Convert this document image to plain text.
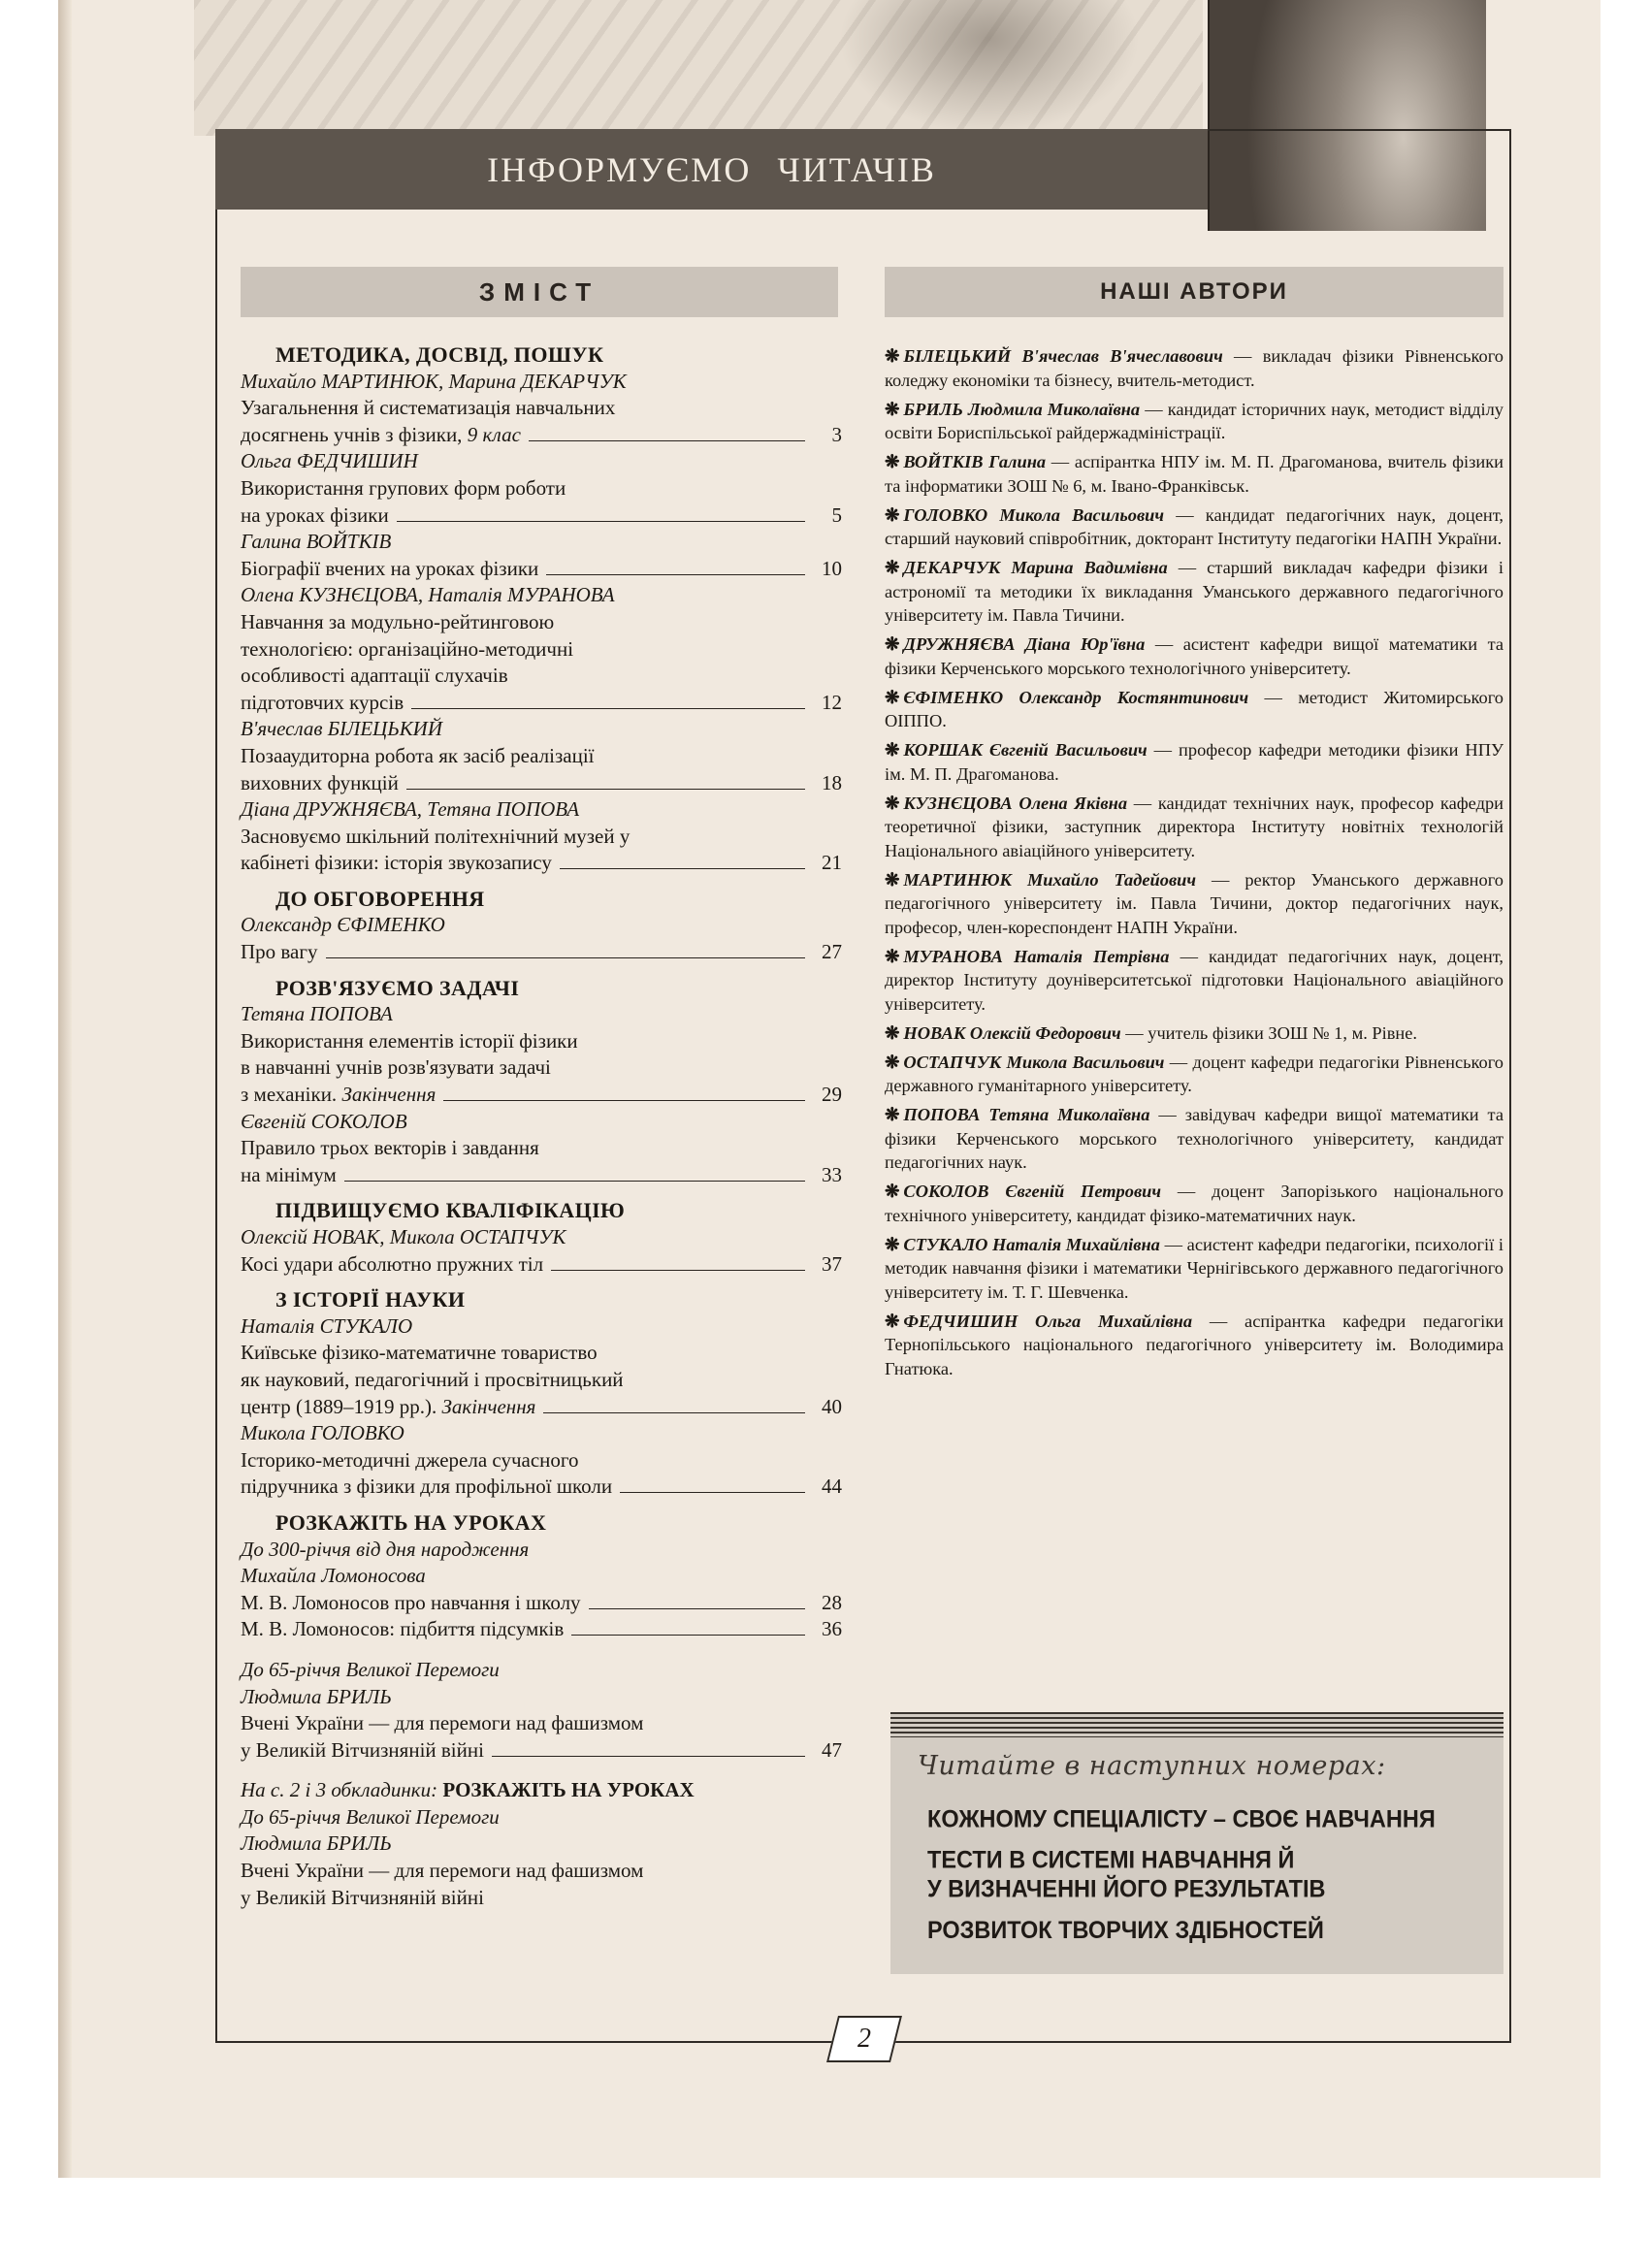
ІНФОРМУЄМО ЧИТАЧІВ
ЗМІСТ	НАШІ АВТОРИ
МЕТОДИКА, ДОСВІД, ПОШУК
Михайло МАРТИНЮК, Марина ДЕКАРЧУК
Узагальнення й систематизація навчальних
досягнень учнів з фізики,
9 клас	3
Ольга ФЕДЧИШИН
Використання групових форм роботи
на уроках фізики	5
Галина ВОЙТКІВ
Біографії вчених на уроках фізики	10
Олена КУЗНЄЦОВА, Наталія МУРАНОВА
Навчання за модульно-рейтинговою
технологією: організаційно-методичні
особливості адаптації слухачів
підготовчих курсів	12
В'ячеслав БІЛЕЦЬКИЙ
Позааудиторна робота як засіб реалізації
виховних функцій	18
Діана ДРУЖНЯЄВА, Тетяна ПОПОВА
Засновуємо шкільний політехнічний музей у
кабінеті фізики: історія звукозапису	21
ДО ОБГОВОРЕННЯ
Олександр ЄФІМЕНКО
Про вагу	27
РОЗВ'ЯЗУЄМО ЗАДАЧІ
Тетяна ПОПОВА
Використання елементів історії фізики
в навчанні учнів розв'язувати задачі
з механіки.
Закінчення	29
Євгеній СОКОЛОВ
Правило трьох векторів і завдання
на мінімум	33
ПІДВИЩУЄМО КВАЛІФІКАЦІЮ
Олексій НОВАК, Микола ОСТАПЧУК
Косі удари абсолютно пружних тіл	37
З ІСТОРІЇ НАУКИ
Наталія СТУКАЛО
Київське фізико-математичне товариство
як науковий, педагогічний і просвітницький
центр (1889–1919 рр.).
Закінчення	40
Микола ГОЛОВКО
Історико-методичні джерела сучасного
підручника з фізики для профільної школи	44
РОЗКАЖІТЬ НА УРОКАХ
До 300-річчя від дня народження
Михайла Ломоносова
М. В. Ломоносов про навчання і школу	28
М. В. Ломоносов: підбиття підсумків	36
До 65-річчя Великої Перемоги
Людмила БРИЛЬ
Вчені України — для перемоги над фашизмом
у Великій Вітчизняній війні	47
На с. 2 і 3 обкладинки: РОЗКАЖІТЬ НА УРОКАХ
До 65-річчя Великої Перемоги
Людмила БРИЛЬ
Вчені України — для перемоги над фашизмом
у Великій Вітчизняній війні

❋ БІЛЕЦЬКИЙ В'ячеслав В'ячеславович — викладач фізики Рівненського коледжу економіки та бізнесу, вчитель-методист.

❋ БРИЛЬ Людмила Миколаївна — кандидат історичних наук, методист відділу освіти Бориспільської райдержадміністрації.

❋ ВОЙТКІВ Галина — аспірантка НПУ ім. М. П. Драгоманова, вчитель фізики та інформатики ЗОШ № 6, м. Івано-Франківськ.

❋ ГОЛОВКО Микола Васильович — кандидат педагогічних наук, доцент, старший науковий співробітник, докторант Інституту педагогіки НАПН України.

❋ ДЕКАРЧУК Марина Вадимівна — старший викладач кафедри фізики і астрономії та методики їх викладання Уманського державного педагогічного університету ім. Павла Тичини.

❋ ДРУЖНЯЄВА Діана Юр'ївна — асистент кафедри вищої математики та фізики Керченського морського технологічного університету.

❋ ЄФІМЕНКО Олександр Костянтинович — методист Житомирського ОІППО.

❋ КОРШАК Євгеній Васильович — професор кафедри методики фізики НПУ ім. М. П. Драгоманова.

❋ КУЗНЄЦОВА Олена Яківна — кандидат технічних наук, професор кафедри теоретичної фізики, заступник директора Інституту новітніх технологій Національного авіаційного університету.

❋ МАРТИНЮК Михайло Тадейович — ректор Уманського державного педагогічного університету ім. Павла Тичини, доктор педагогічних наук, професор, член-кореспондент НАПН України.

❋ МУРАНОВА Наталія Петрівна — кандидат педагогічних наук, доцент, директор Інституту доуніверситетської підготовки Національного авіаційного університету.

❋ НОВАК Олексій Федорович — учитель фізики ЗОШ № 1, м. Рівне.

❋ ОСТАПЧУК Микола Васильович — доцент кафедри педагогіки Рівненського державного гуманітарного університету.

❋ ПОПОВА Тетяна Миколаївна — завідувач кафедри вищої математики та фізики Керченського морського технологічного університету, кандидат педагогічних наук.

❋ СОКОЛОВ Євгеній Петрович — доцент Запорізького національного технічного університету, кандидат фізико-математичних наук.

❋ СТУКАЛО Наталія Михайлівна — асистент кафедри педагогіки, психології і методик навчання фізики і математики Чернігівського державного педагогічного університету ім. Т. Г. Шевченка.

❋ ФЕДЧИШИН Ольга Михайлівна — аспірантка кафедри педагогіки Тернопільського національного педагогічного університету ім. Володимира Гнатюка.

Читайте в наступних номерах:
КОЖНОМУ СПЕЦІАЛІСТУ – СВОЄ НАВЧАННЯ
ТЕСТИ В СИСТЕМІ НАВЧАННЯ Й
У ВИЗНАЧЕННІ ЙОГО РЕЗУЛЬТАТІВ
РОЗВИТОК ТВОРЧИХ ЗДІБНОСТЕЙ
2
